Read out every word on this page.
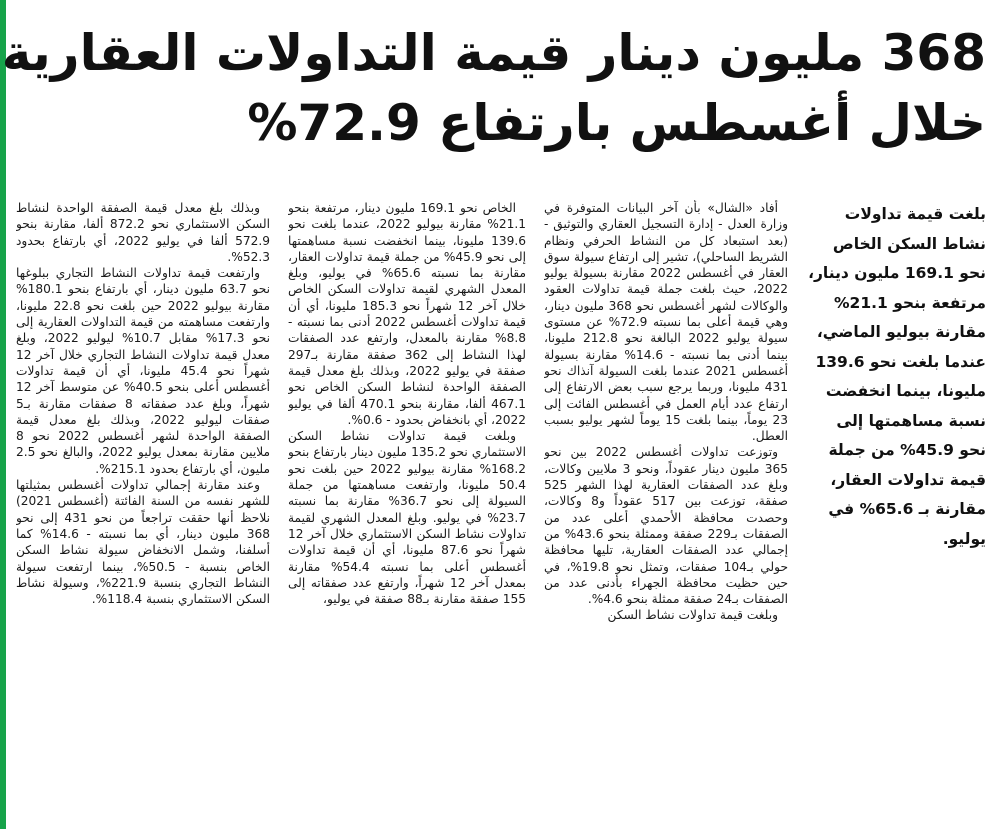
368 مليون دينار قيمة التداولات العقارية
خلال أغسطس بارتفاع 72.9%
بلغت قيمة تداولات نشاط السكن الخاص نحو 169.1 مليون دينار، مرتفعة بنحو 21.1% مقارنة بيوليو الماضي، عندما بلغت نحو 139.6 مليونا، بينما انخفضت نسبة مساهمتها إلى نحو 45.9% من جملة قيمة تداولات العقار، مقارنة بـ 65.6% في يوليو.

أفاد «الشال» بأن آخر البيانات المتوفرة في وزارة العدل - إدارة التسجيل العقاري والتوثيق - (بعد استبعاد كل من النشاط الحرفي ونظام الشريط الساحلي)، تشير إلى ارتفاع سيولة سوق العقار في أغسطس 2022 مقارنة بسيولة يوليو 2022، حيث بلغت جملة قيمة تداولات العقود والوكالات لشهر أغسطس نحو 368 مليون دينار، وهي قيمة أعلى بما نسبته 72.9% عن مستوى سيولة يوليو 2022 البالغة نحو 212.8 مليونا، بينما أدنى بما نسبته - 14.6% مقارنة بسيولة أغسطس 2021 عندما بلغت السيولة آنذاك نحو 431 مليونا، وربما يرجع سبب بعض الارتفاع إلى ارتفاع عدد أيام العمل في أغسطس الفائت إلى 23 يوماً، بينما بلغت 15 يوماً لشهر يوليو بسبب العطل.

وتوزعت تداولات أغسطس 2022 بين نحو 365 مليون دينار عقوداً، ونحو 3 ملايين وكالات، وبلغ عدد الصفقات العقارية لهذا الشهر 525 صفقة، توزعت بين 517 عقوداً و8 وكالات، وحصدت محافظة الأحمدي أعلى عدد من الصفقات بـ229 صفقة وممثلة بنحو 43.6% من إجمالي عدد الصفقات العقارية، تليها محافظة حولي بـ104 صفقات، وتمثل نحو 19.8%، في حين حظيت محافظة الجهراء بأدنى عدد من الصفقات بـ24 صفقة ممثلة بنحو 4.6%.

وبلغت قيمة تداولات نشاط السكن

الخاص نحو 169.1 مليون دينار، مرتفعة بنحو 21.1% مقارنة بيوليو 2022، عندما بلغت نحو 139.6 مليونا، بينما انخفضت نسبة مساهمتها إلى نحو 45.9% من جملة قيمة تداولات العقار، مقارنة بما نسبته 65.6% في يوليو، وبلغ المعدل الشهري لقيمة تداولات السكن الخاص خلال آخر 12 شهراً نحو 185.3 مليونا، أي أن قيمة تداولات أغسطس 2022 أدنى بما نسبته - 8.8% مقارنة بالمعدل، وارتفع عدد الصفقات لهذا النشاط إلى 362 صفقة مقارنة بـ297 صفقة في يوليو 2022، وبذلك بلغ معدل قيمة الصفقة الواحدة لنشاط السكن الخاص نحو 467.1 ألفا، مقارنة بنحو 470.1 ألفا في يوليو 2022، أي بانخفاض بحدود - 0.6%.

وبلغت قيمة تداولات نشاط السكن الاستثماري نحو 135.2 مليون دينار بارتفاع بنحو 168.2% مقارنة بيوليو 2022 حين بلغت نحو 50.4 مليونا، وارتفعت مساهمتها من جملة السيولة إلى نحو 36.7% مقارنة بما نسبته 23.7% في يوليو. وبلغ المعدل الشهري لقيمة تداولات نشاط السكن الاستثماري خلال آخر 12 شهراً نحو 87.6 مليونا، أي أن قيمة تداولات أغسطس أعلى بما نسبته 54.4% مقارنة بمعدل آخر 12 شهراً، وارتفع عدد صفقاته إلى 155 صفقة مقارنة بـ88 صفقة في يوليو،

وبذلك بلغ معدل قيمة الصفقة الواحدة لنشاط السكن الاستثماري نحو 872.2 ألفا، مقارنة بنحو 572.9 ألفا في يوليو 2022، أي بارتفاع بحدود 52.3%.

وارتفعت قيمة تداولات النشاط التجاري ببلوغها نحو 63.7 مليون دينار، أي بارتفاع بنحو 180.1% مقارنة بيوليو 2022 حين بلغت نحو 22.8 مليونا، وارتفعت مساهمته من قيمة التداولات العقارية إلى نحو 17.3% مقابل 10.7% ليوليو 2022، وبلغ معدل قيمة تداولات النشاط التجاري خلال آخر 12 شهراً نحو 45.4 مليونا، أي أن قيمة تداولات أغسطس أعلى بنحو 40.5% عن متوسط آخر 12 شهراً، وبلغ عدد صفقاته 8 صفقات مقارنة بـ5 صفقات ليوليو 2022، وبذلك بلغ معدل قيمة الصفقة الواحدة لشهر أغسطس 2022 نحو 8 ملايين مقارنة بمعدل يوليو 2022، والبالغ نحو 2.5 مليون، أي بارتفاع بحدود 215.1%.

وعند مقارنة إجمالي تداولات أغسطس بمثيلتها للشهر نفسه من السنة الفائتة (أغسطس 2021) نلاحظ أنها حققت تراجعاً من نحو 431 إلى نحو 368 مليون دينار، أي بما نسبته - 14.6% كما أسلفنا، وشمل الانخفاض سيولة نشاط السكن الخاص بنسبة - 50.5%، بينما ارتفعت سيولة النشاط التجاري بنسبة 221.9%، وسيولة نشاط السكن الاستثماري بنسبة 118.4%.
